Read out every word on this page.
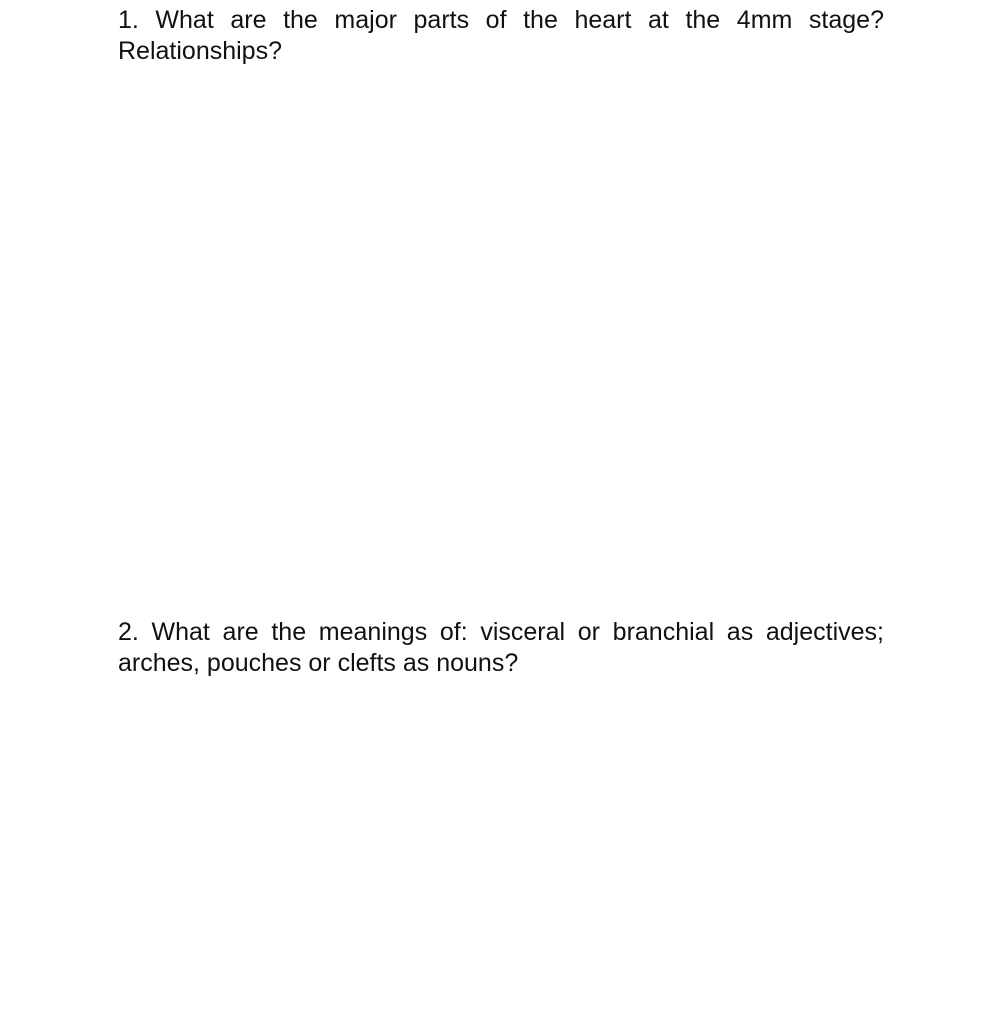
1. What are the major parts of the heart at the 4mm stage? Relationships?

2. What are the meanings of: visceral or branchial as adjectives; arches, pouches or clefts as nouns?
